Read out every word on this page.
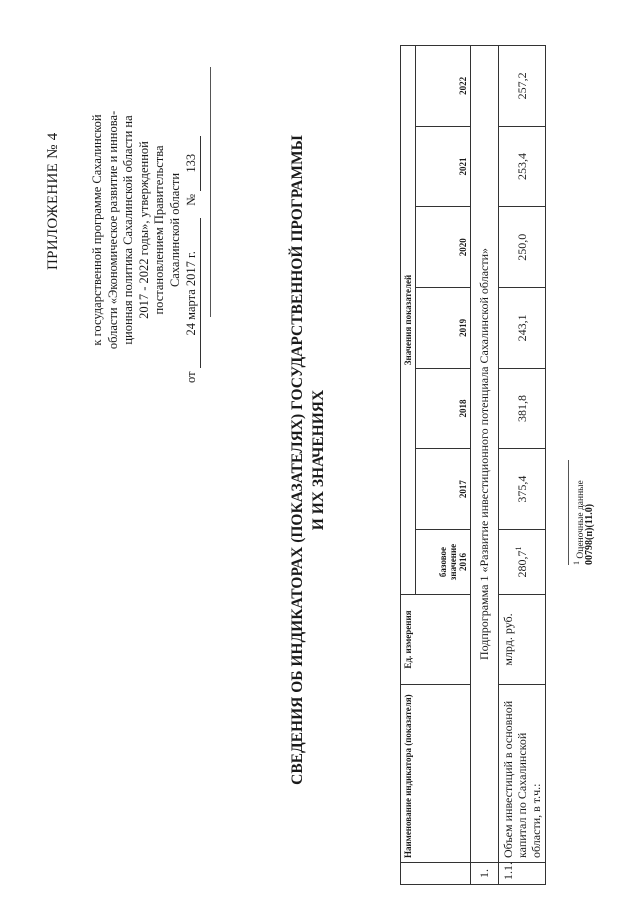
ПРИЛОЖЕНИЕ № 4 к государственной программе Сахалинской области «Экономическое развитие и иннова- ционная политика Сахалинской области на 2017 - 2022 годы», утвержденной постановлением Правительства Сахалинской области
от 24 марта 2017 г.    № 133	СВЕДЕНИЯ ОБ ИНДИКАТОРАХ (ПОКАЗАТЕЛЯХ) ГОСУДАРСТВЕННОЙ ПРОГРАММЫ И ИХ ЗНАЧЕНИЯХ
	Наименование индикатора (показателя)	Ед. измерения	Значения показателей						
			базовое значение 2016	2017	2018	2019	2020	2021	2022
1.	Подпрограмма 1 «Развитие инвестиционного потенциала Сахалинской области»								
1.1.	Объем инвестиций в основной капитал по Сахалинской области, в т.ч.:	млрд. руб.	280,7$^1$	375,4	381,8	243,1	250,0	253,4	257,2
$^1$ Оценочные данные
00798(п)(11.0)
